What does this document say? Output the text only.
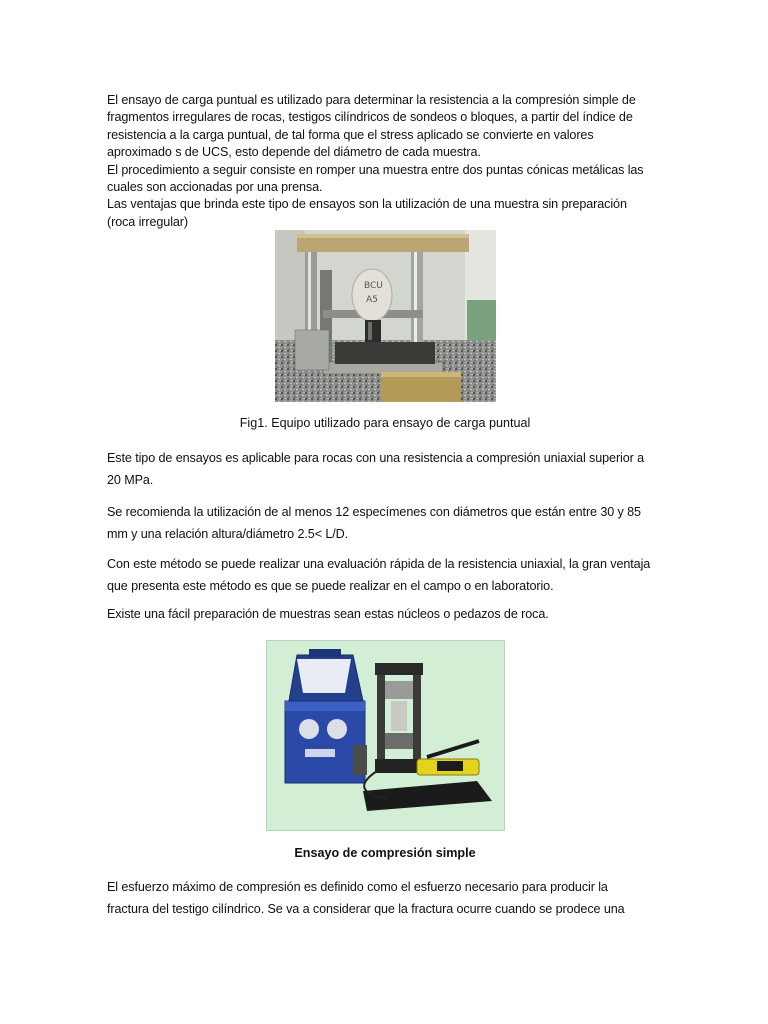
El ensayo de carga puntual es utilizado para determinar la resistencia a la compresión simple de
fragmentos irregulares de rocas, testigos cilíndricos de sondeos o bloques, a partir del índice de
resistencia a la carga puntual, de tal forma que el stress aplicado se convierte en valores
aproximado s de UCS, esto depende del diámetro de cada muestra.
El procedimiento a seguir consiste en romper una muestra entre dos puntas cónicas metálicas las
cuales son accionadas por una prensa.
Las ventajas que brinda este tipo de ensayos son la utilización de una muestra sin preparación
(roca irregular)

BCU
A5

Fig1. Equipo utilizado para ensayo de carga puntual

Este tipo de ensayos es aplicable para rocas con una resistencia a compresión uniaxial superior a
20 MPa.

Se recomienda la utilización de al menos 12 especímenes con diámetros que están entre 30 y 85
mm y una relación altura/diámetro 2.5< L/D.

Con este método se puede realizar una evaluación rápida de la resistencia uniaxial, la gran ventaja
que presenta este método es que se puede realizar en el campo o en laboratorio.

Existe una fácil preparación de muestras sean estas núcleos o pedazos de roca.

Ensayo de compresión simple

El esfuerzo máximo de compresión es definido como el esfuerzo necesario para producir la
fractura del testigo cilíndrico. Se va a considerar que la fractura ocurre cuando se prodece una
